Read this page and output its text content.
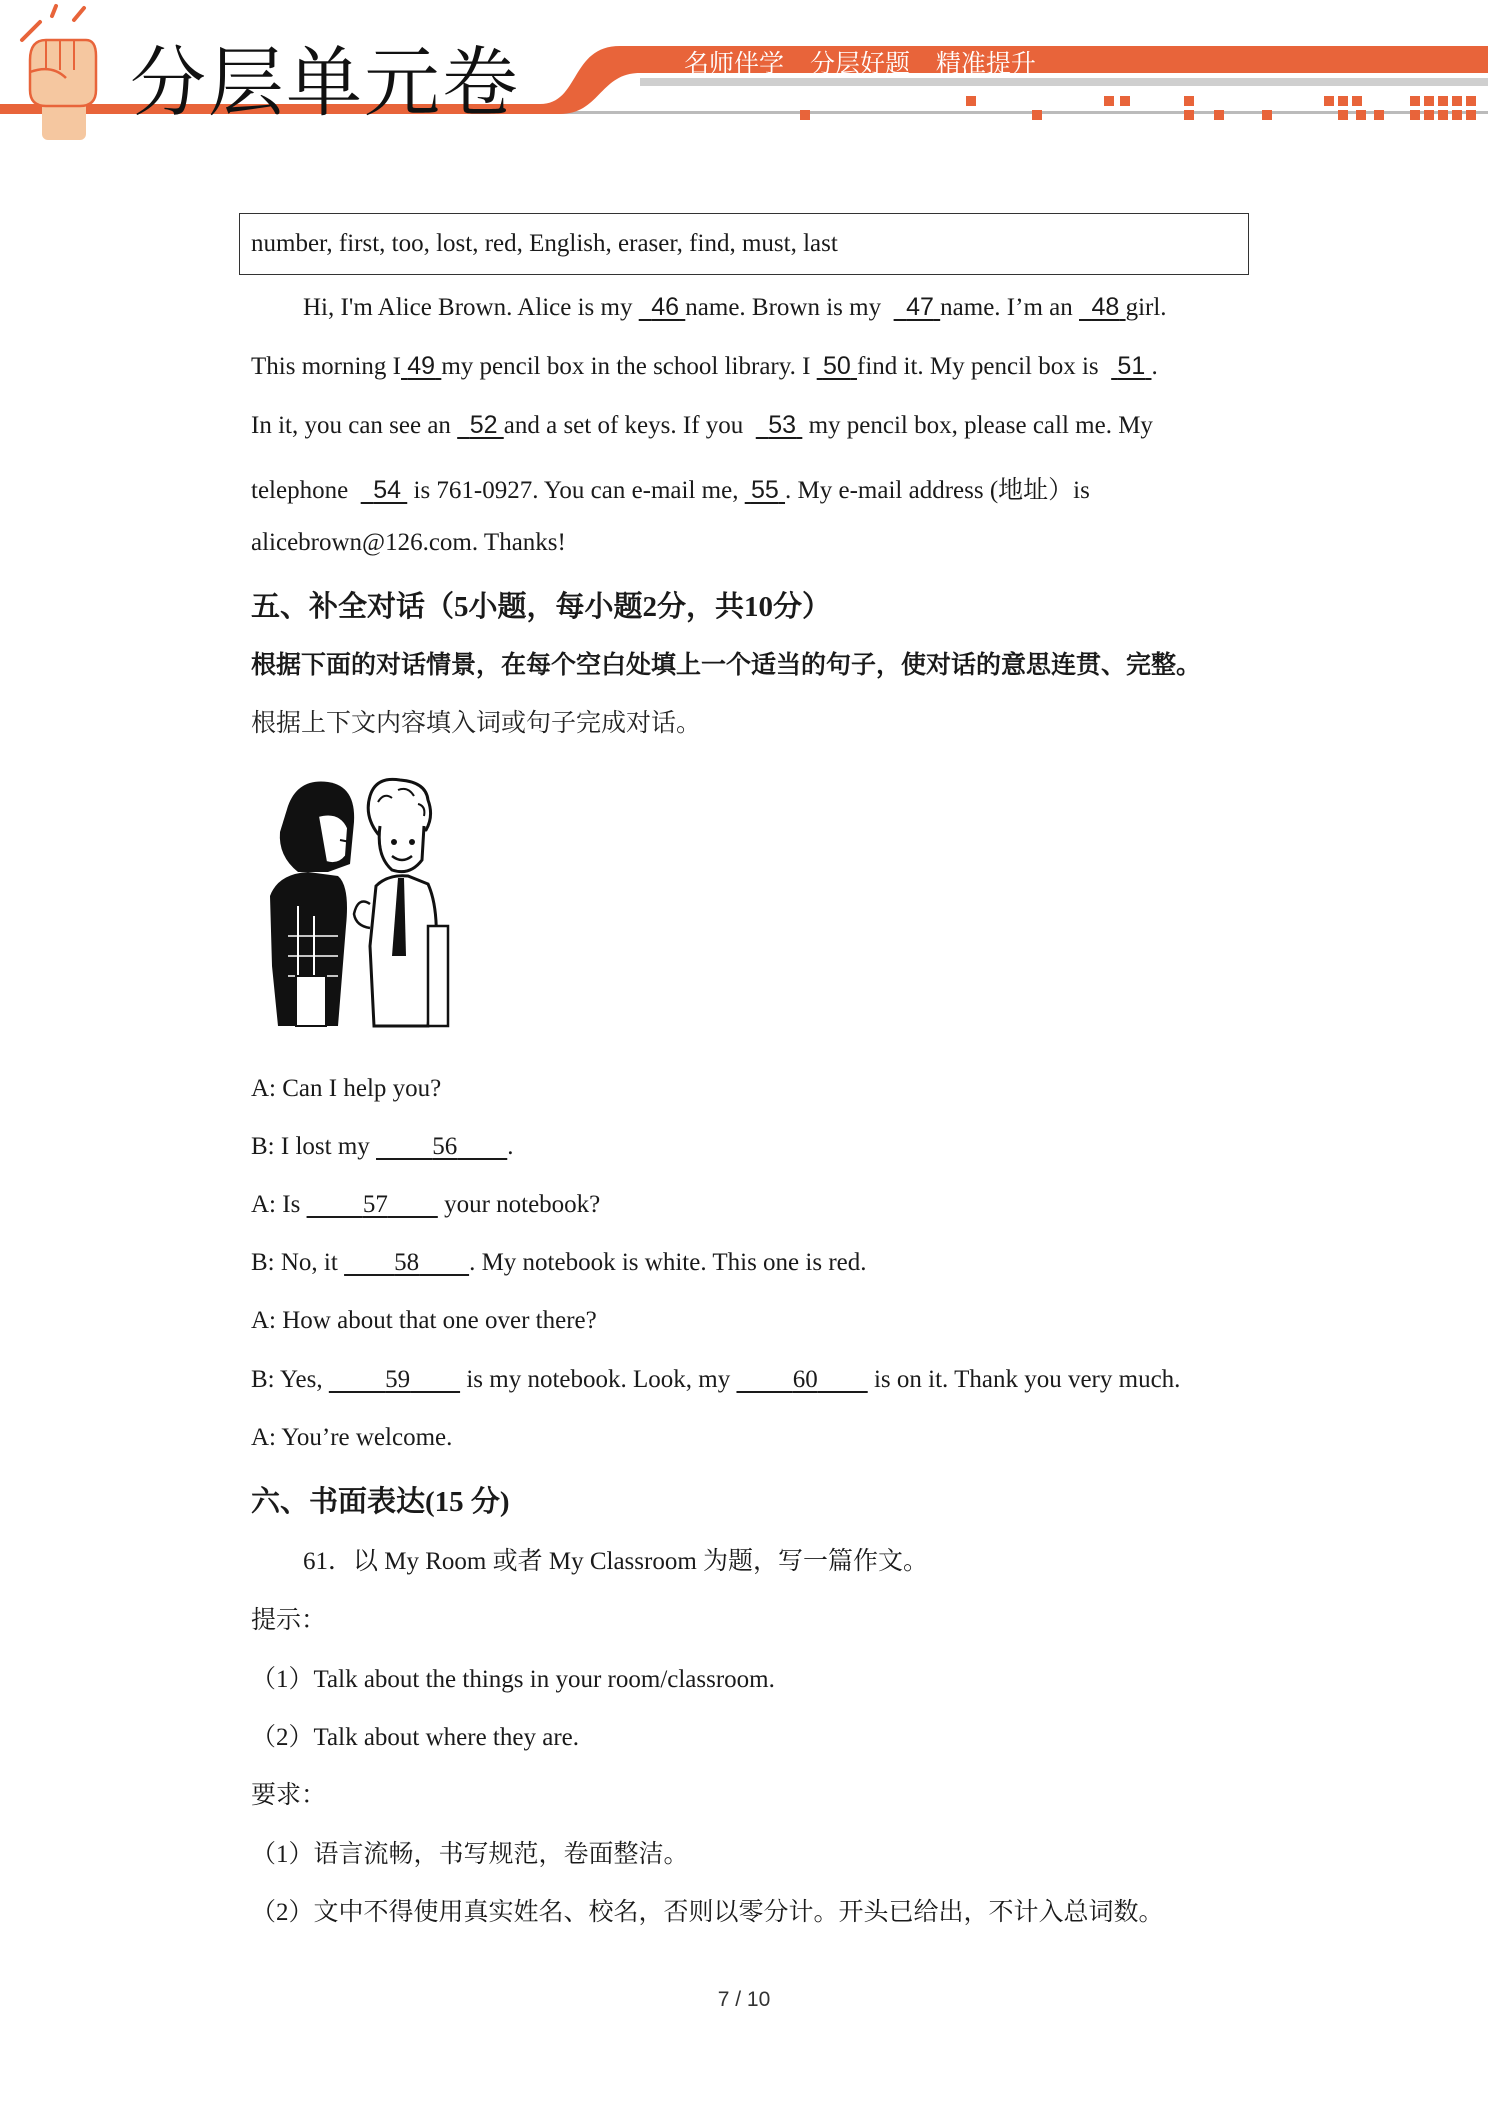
分层单元卷	名师伴学 分层好题 精准提升
number, first, too, lost, red, English, eraser, find, must, last
Hi, I'm Alice Brown. Alice is my   46 name. Brown is my    47 name. I’m an   48 girl.
This morning I 49 my pencil box in the school library. I  50 find it. My pencil box is   51 .
In it, you can see an   52 and a set of keys. If you    53  my pencil box, please call me. My
telephone    54  is 761-0927. You can e-mail me,  55 . My e-mail address (地址）is
alicebrown@126.com. Thanks!
五、补全对话（5小题，每小题2分，共10分）
根据下面的对话情景，在每个空白处填上一个适当的句子，使对话的意思连贯、完整。
根据上下文内容填入词或句子完成对话。
A: Can I help you?
B: I lost my          56 .
A: Is          57         your notebook?
B: No, it         58 . My notebook is white. This one is red.
A: How about that one over there?
B: Yes,          59         is my notebook. Look, my          60         is on it. Thank you very much.
A: You’re welcome.
六、书面表达(15 分)
61．以 My Room 或者 My Classroom 为题，写一篇作文。
提示：
（1）Talk about the things in your room/classroom.
（2）Talk about where they are.
要求：
（1）语言流畅，书写规范，卷面整洁。
（2）文中不得使用真实姓名、校名，否则以零分计。开头已给出，不计入总词数。
7 / 10
